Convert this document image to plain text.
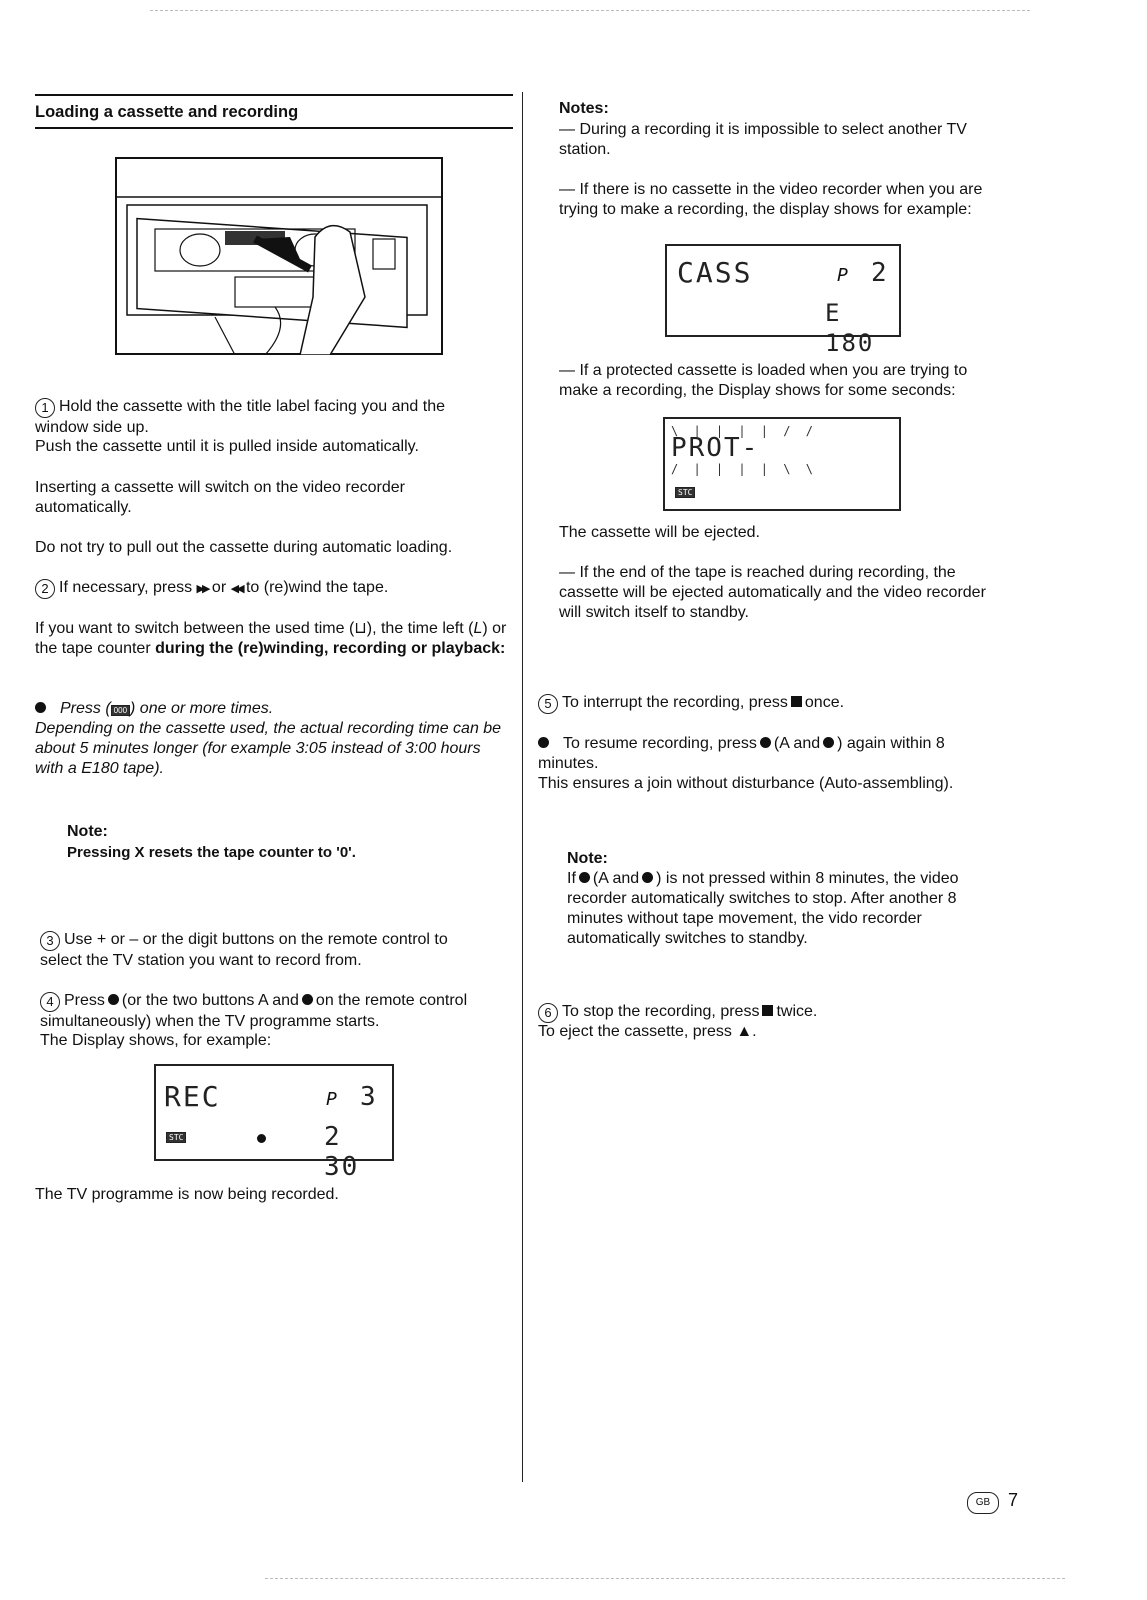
Loading a cassette and recording

1 Hold the cassette with the title label facing you and the window side up.

Push the cassette until it is pulled inside automatically.

Inserting a cassette will switch on the video recorder automatically.

Do not try to pull out the cassette during automatic loading.

2 If necessary, press ▶▶ or ◀◀ to (re)wind the tape.

If you want to switch between the used time (⊔), the time left (L) or the tape counter during the (re)winding, recording or playback:

Press ( 000 ) one or more times.

Depending on the cassette used, the actual recording time can be about 5 minutes longer (for example 3:05 instead of 3:00 hours with a E180 tape).

Note:

Pressing X resets the tape counter to '0'.

3 Use + or – or the digit buttons on the remote control to select the TV station you want to record from.

4 Press (or the two buttons A and on the remote control simultaneously) when the TV programme starts.

The Display shows, for example:

REC	P 3
STC	2 30

The TV programme is now being recorded.

Notes:

— During a recording it is impossible to select another TV station.

— If there is no cassette in the video recorder when you are trying to make a recording, the display shows for example:

CASS	P 2
E 180

— If a protected cassette is loaded when you are trying to make a recording, the Display shows for some seconds:

\ | | | | / /
PROT-
/ | | | | \ \
STC

The cassette will be ejected.

— If the end of the tape is reached during recording, the cassette will be ejected automatically and the video recorder will switch itself to standby.

5 To interrupt the recording, press once.

To resume recording, press (A and ) again within 8 minutes.

This ensures a join without disturbance (Auto-assembling).

Note:

If (A and ) is not pressed within 8 minutes, the video recorder automatically switches to stop. After another 8 minutes without tape movement, the vido recorder automatically switches to standby.

6 To stop the recording, press twice.

To eject the cassette, press ▲.

GB 7
